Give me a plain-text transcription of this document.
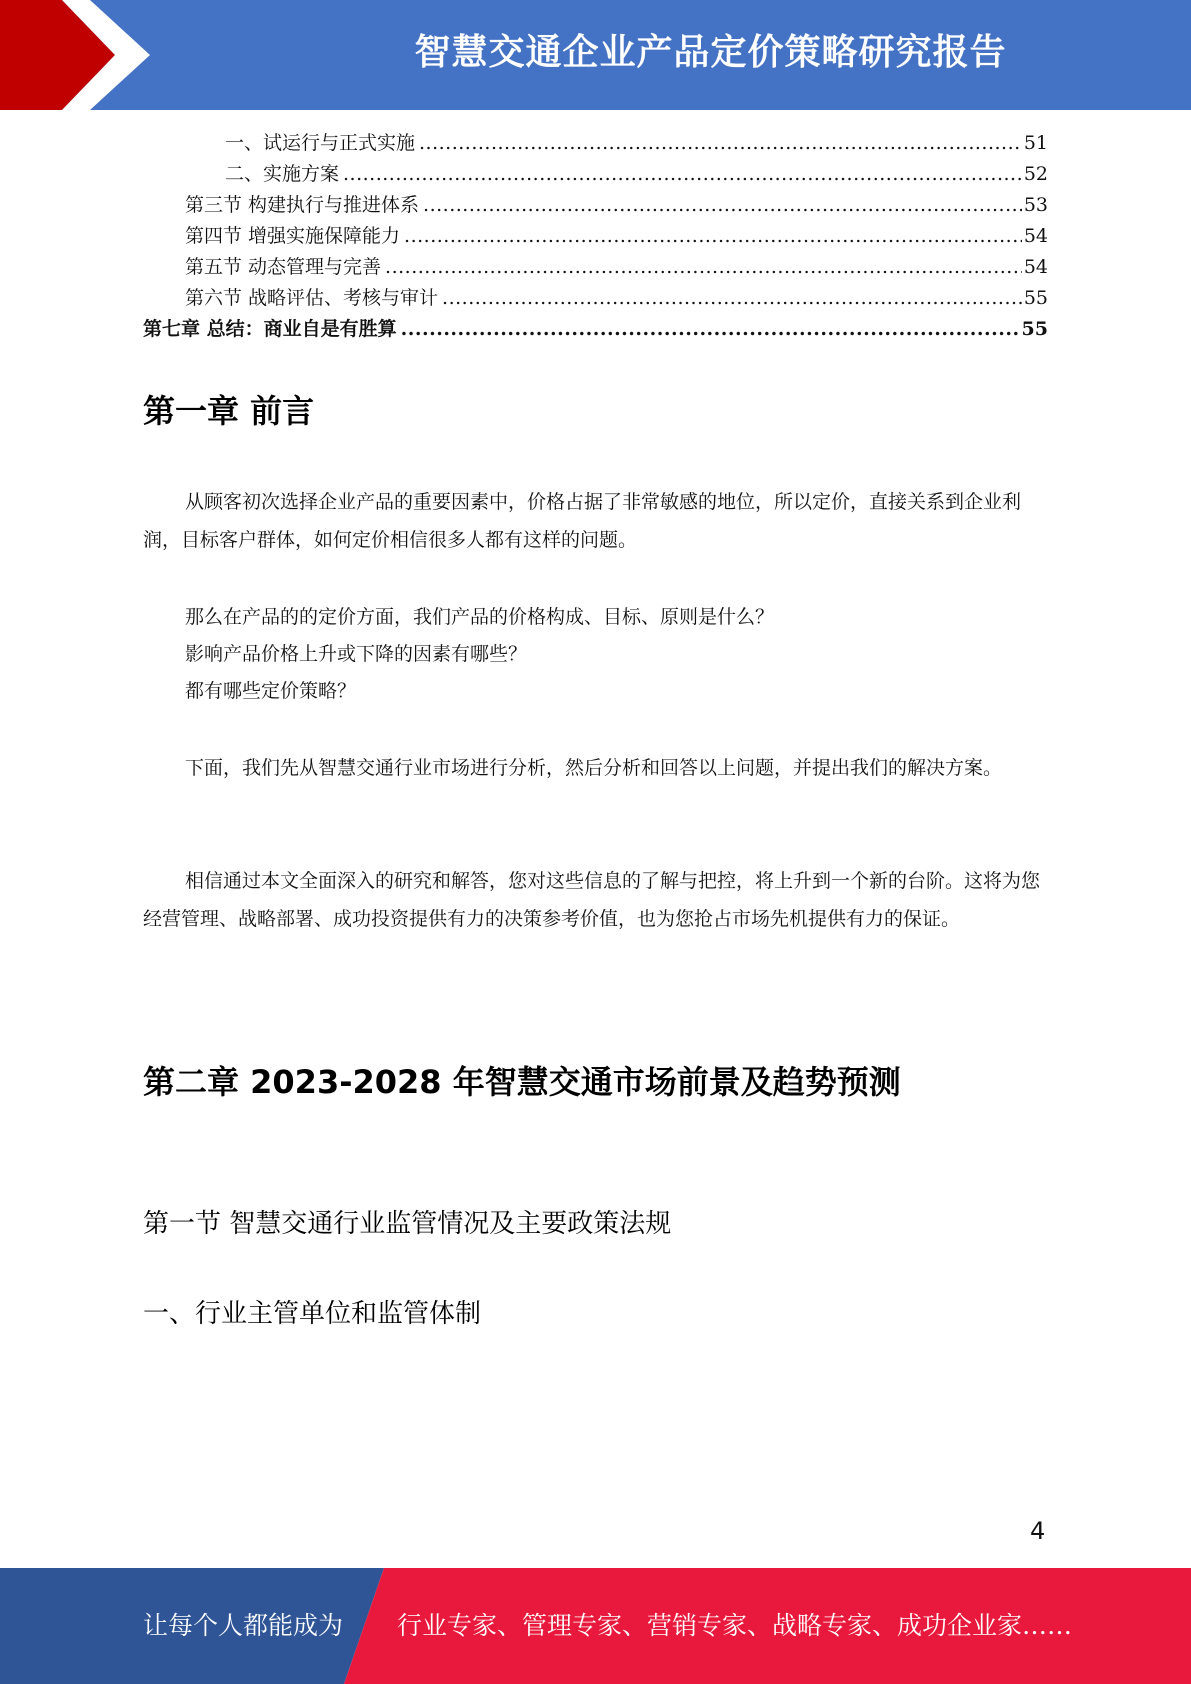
智慧交通企业产品定价策略研究报告
一、试运行与正式实施 .....	51
二、实施方案 .....	52
第三节 构建执行与推进体系 .....	53
第四节 增强实施保障能力 .....	54
第五节 动态管理与完善 .....	54
第六节 战略评估、考核与审计 .....	55
第七章 总结：商业自是有胜算 .....	55
第一章 前言

从顾客初次选择企业产品的重要因素中，价格占据了非常敏感的地位，所以定价，直接关系到企业利润，目标客户群体，如何定价相信很多人都有这样的问题。

那么在产品的的定价方面，我们产品的价格构成、目标、原则是什么？
影响产品价格上升或下降的因素有哪些？
都有哪些定价策略？

下面，我们先从智慧交通行业市场进行分析，然后分析和回答以上问题，并提出我们的解决方案。

相信通过本文全面深入的研究和解答，您对这些信息的了解与把控，将上升到一个新的台阶。这将为您经营管理、战略部署、成功投资提供有力的决策参考价值，也为您抢占市场先机提供有力的保证。

第二章 2023-2028 年智慧交通市场前景及趋势预测
第一节 智慧交通行业监管情况及主要政策法规
一、行业主管单位和监管体制
4
让每个人都能成为 行业专家、管理专家、营销专家、战略专家、成功企业家……
